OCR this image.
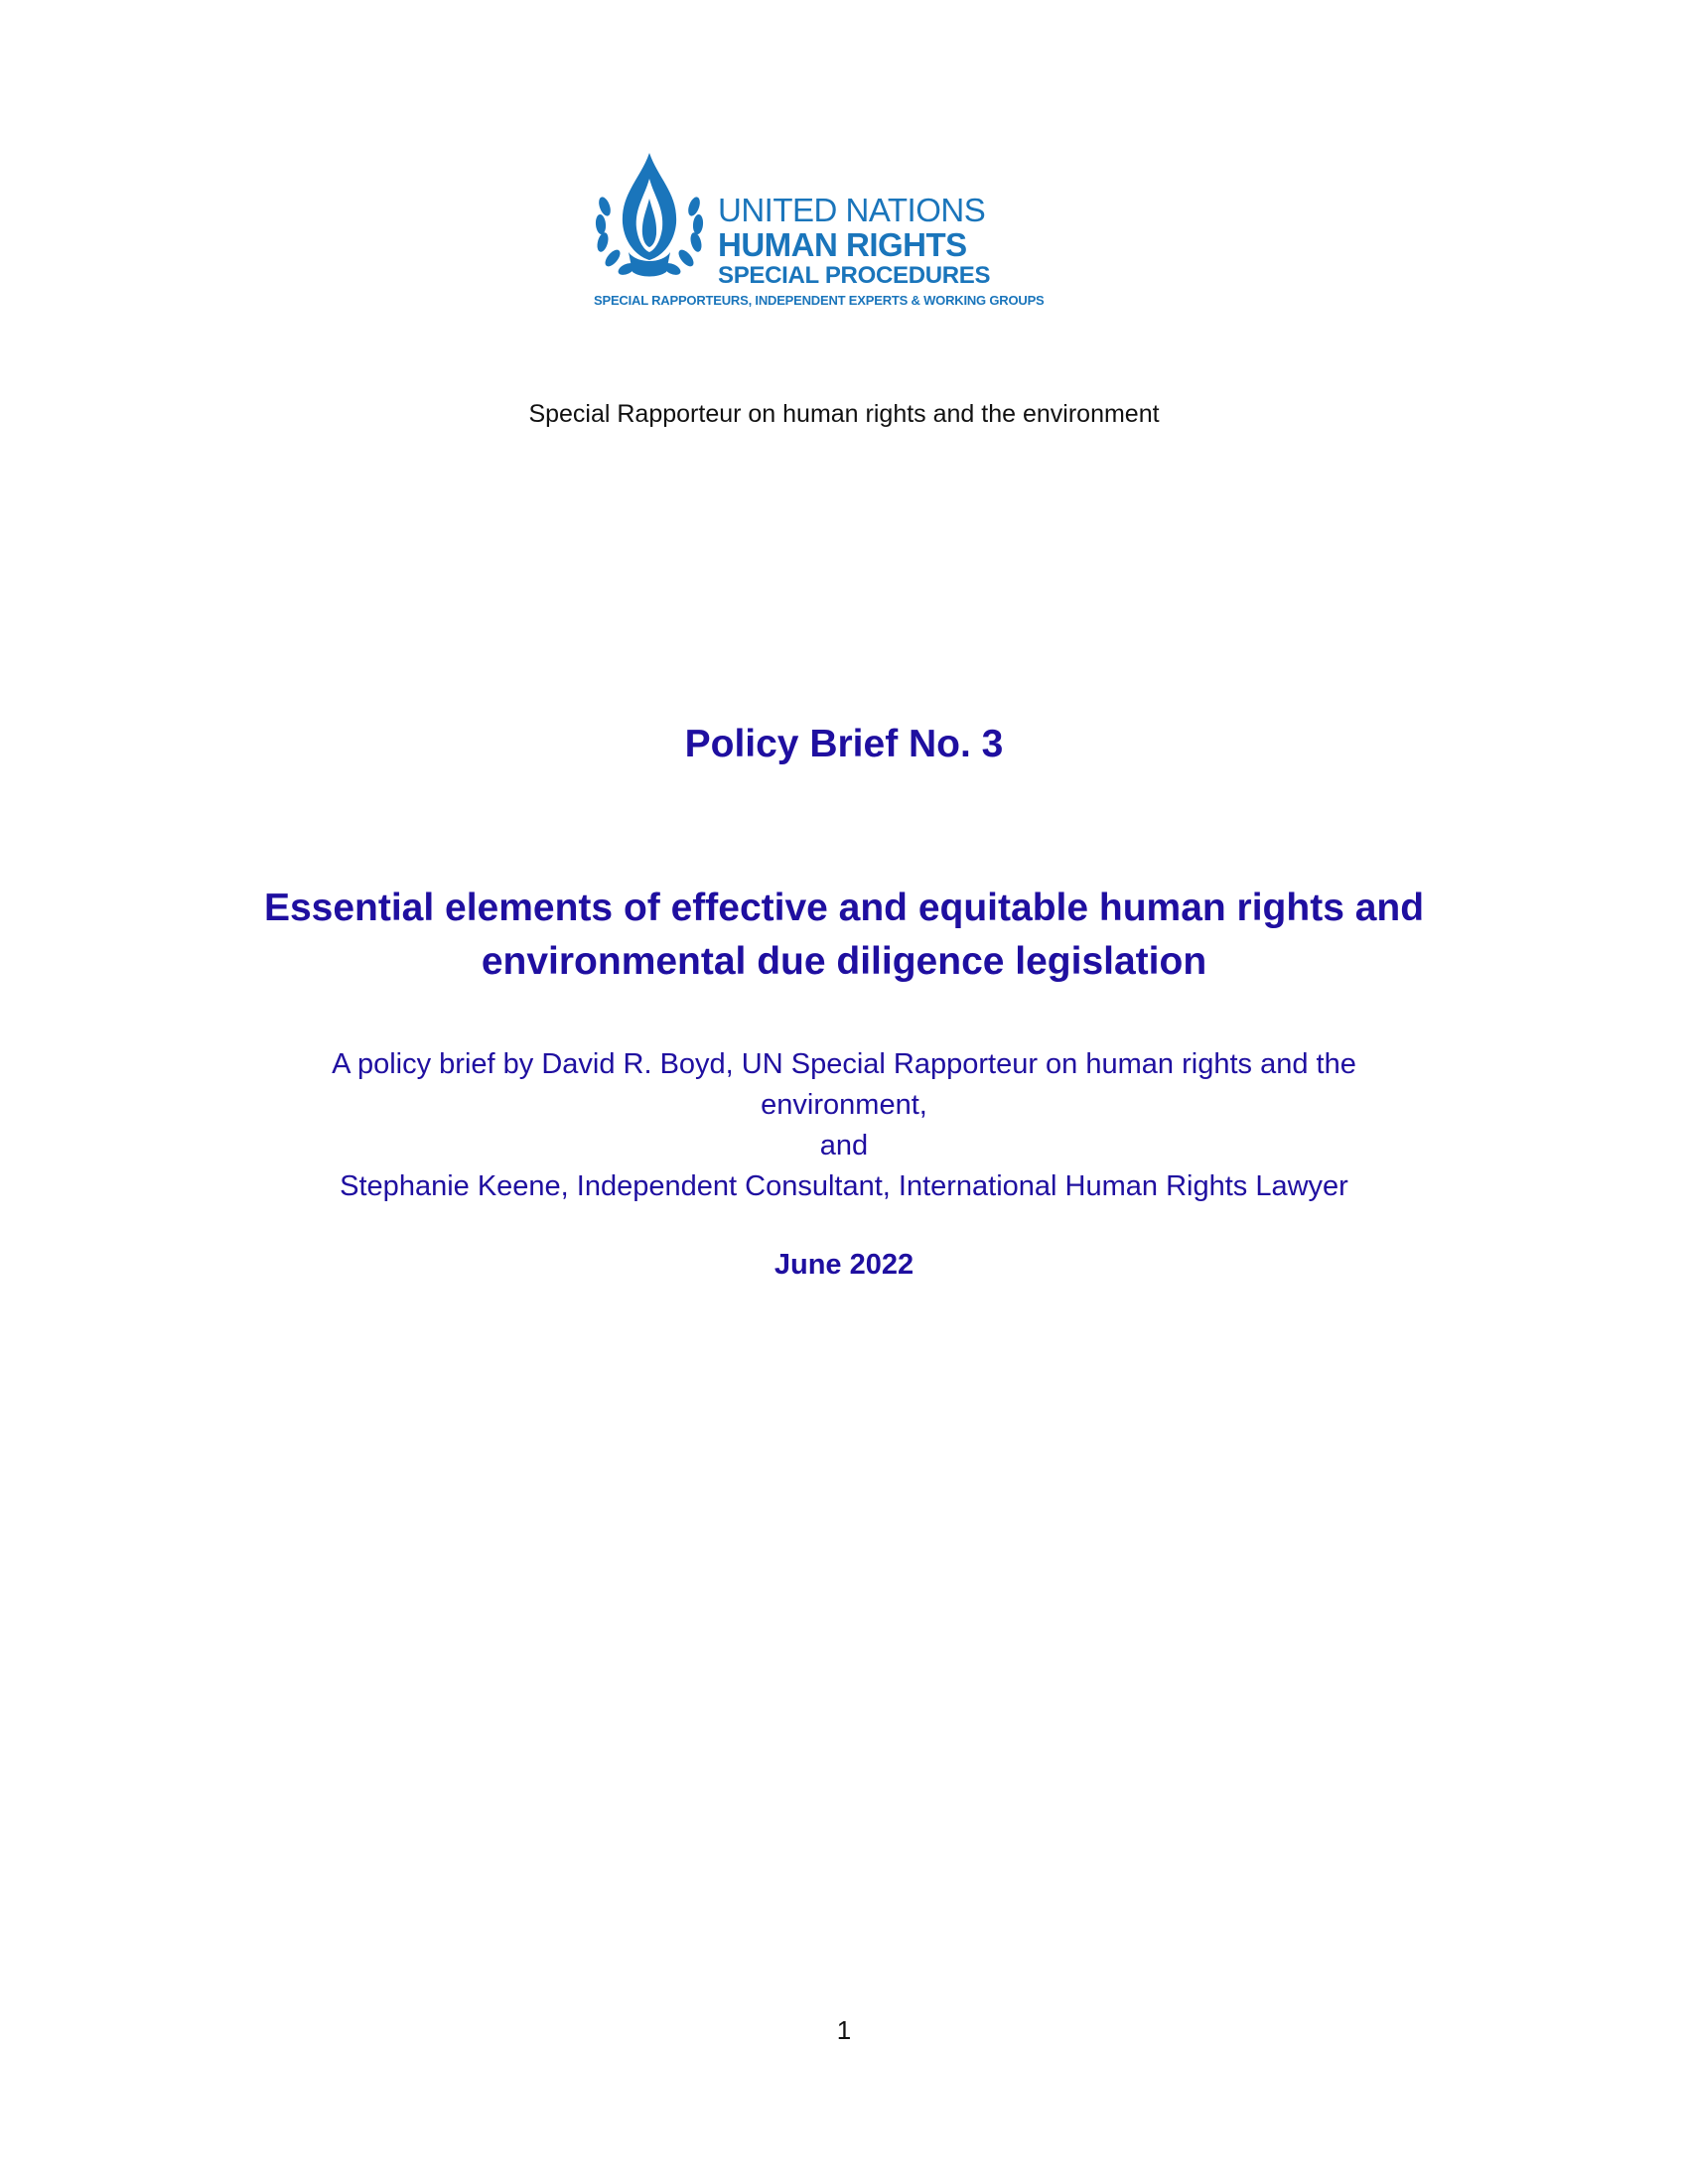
UNITED NATIONS
HUMAN RIGHTS
SPECIAL PROCEDURES
SPECIAL RAPPORTEURS, INDEPENDENT EXPERTS & WORKING GROUPS
Special Rapporteur on human rights and the environment
Policy Brief No. 3
Essential elements of effective and equitable human rights and
environmental due diligence legislation
A policy brief by David R. Boyd, UN Special Rapporteur on human rights and the
environment,
and
Stephanie Keene, Independent Consultant, International Human Rights Lawyer
June 2022
1
